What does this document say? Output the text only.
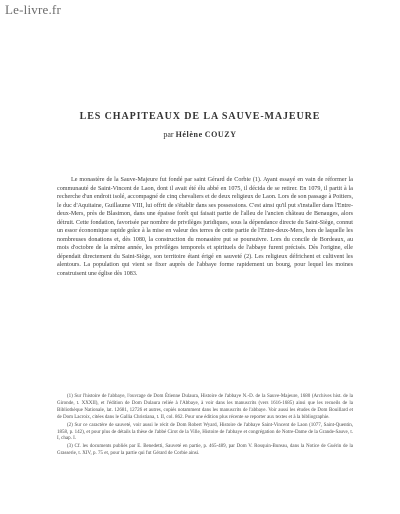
Le-livre.fr
LES CHAPITEAUX DE LA SAUVE-MAJEURE
par Hélène COUZY

Le monastère de la Sauve-Majeure fut fondé par saint Gérard de Corbie (1). Ayant essayé en vain de réformer la communauté de Saint-Vincent de Laon, dont il avait été élu abbé en 1075, il décida de se retirer. En 1079, il partit à la recherche d'un endroit isolé, accompagné de cinq chevaliers et de deux religieux de Laon. Lors de son passage à Poitiers, le duc d'Aquitaine, Guillaume VIII, lui offrit de s'établir dans ses possessions. C'est ainsi qu'il put s'installer dans l'Entre-deux-Mers, près de Blasimon, dans une épaisse forêt qui faisait partie de l'alleu de l'ancien château de Benauges, alors détruit. Cette fondation, favorisée par nombre de privilèges juridiques, sous la dépendance directe du Saint-Siège, connut un essor économique rapide grâce à la mise en valeur des terres de cette partie de l'Entre-deux-Mers, hors de laquelle les nombreuses donations et, dès 1080, la construction du monastère put se poursuivre. Lors du concile de Bordeaux, au mois d'octobre de la même année, les privilèges temporels et spirituels de l'abbaye furent précisés. Dès l'origine, elle dépendait directement du Saint-Siège, son territoire étant érigé en sauveté (2). Les religieux défrichent et cultivent les alentours. La population qui vient se fixer auprès de l'abbaye forme rapidement un bourg, pour lequel les moines construisent une église dès 1083.

(1) Sur l'histoire de l'abbaye, l'ouvrage de Dom Étienne Dulaura, Histoire de l'abbaye N.-D. de la Sauve-Majeure, 1680 (Archives hist. de la Gironde, t. XXXII), et l'édition de Dom Dulaura reliée à l'Abbaye, à voir dans les manuscrits (vers 1616-1685) ainsi que les recueils de la Bibliothèque Nationale, lat. 12681, 12726 et autres, copiés notamment dans les manuscrits de l'abbaye. Voir aussi les études de Dom Bouillard et de Dom Lacroix, citées dans le Gallia Christiana, t. II, col. 862. Pour une édition plus récente se reporter aux textes et à la bibliographie.

(2) Sur ce caractère de sauveté, voir aussi le récit de Dom Robert Wyard, Histoire de l'abbaye Saint-Vincent de Laon (1077, Saint-Quentin, 1858, p. 142), et pour plus de détails la thèse de l'abbé Cirot de la Ville, Histoire de l'abbaye et congrégation de Notre-Dame de la Grande-Sauve, t. I, chap. I.

(3) Cf. les documents publiés par E. Benedetti, Sauveté en partie, p. 465-489, par Dom V. Rosquin-Bureau, dans la Notice de Guérin de la Grasserie, t. XIV, p. 75 et, pour la partie qui fut Gérard de Corbie ainsi.
